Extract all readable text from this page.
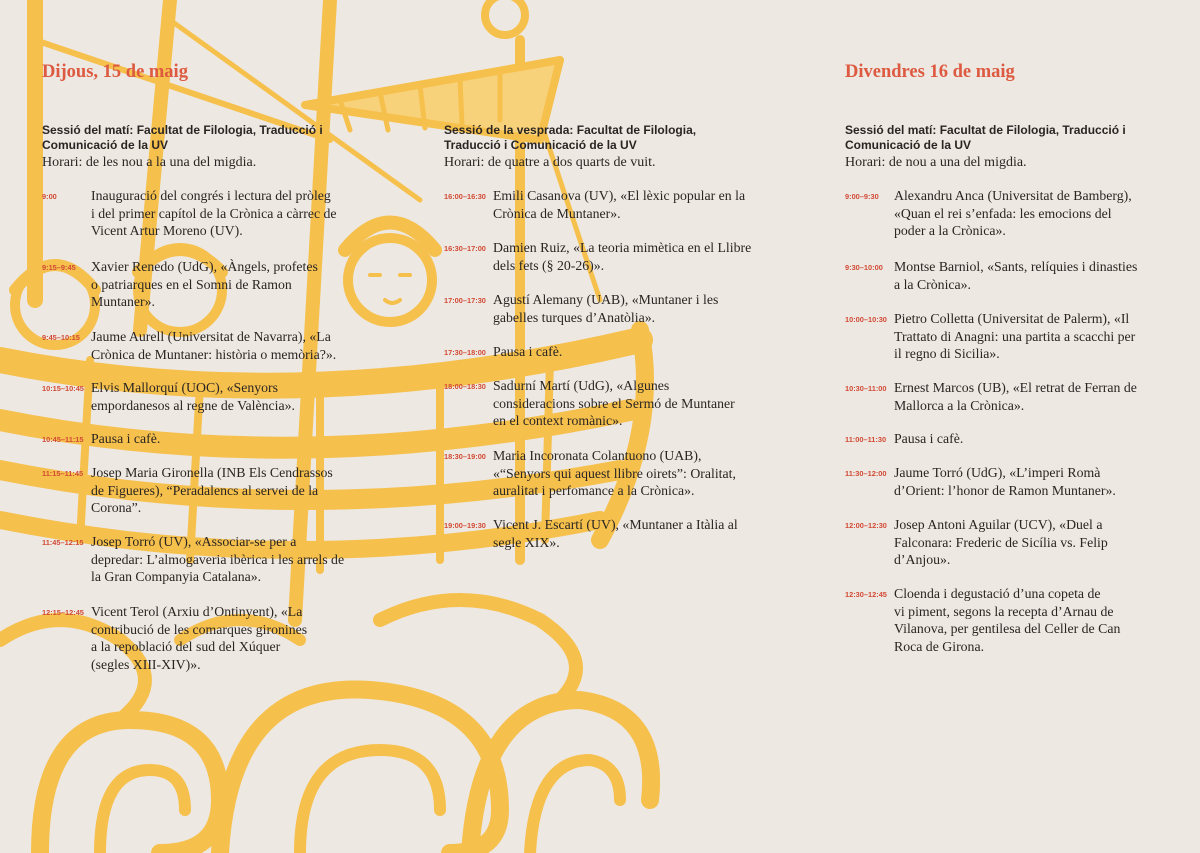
Dijous, 15 de maig
Sessió del matí: Facultat de Filologia, Traducció i
Comunicació de la UV
Horari: de les nou a la una del migdia.
9:00	Inauguració del congrés i lectura del pròleg
i del primer capítol de la Crònica a càrrec de
Vicent Artur Moreno (UV).
9:15–9:45	Xavier Renedo (UdG), «Àngels, profetes
o patriarques en el Somni de Ramon
Muntaner».
9:45–10:15 Jaume Aurell (Universitat de Navarra), «La
Crònica de Muntaner: història o memòria?».
10:15–10:45 Elvis Mallorquí (UOC), «Senyors
empordanesos al regne de València».
10:45–11:15 Pausa i cafè.
11:15–11:45 Josep Maria Gironella (INB Els Cendrassos
de Figueres), “Peradalencs al servei de la
Corona”.
11:45–12:15 Josep Torró (UV), «Associar-se per a
depredar: L’almogaveria ibèrica i les arrels de
la Gran Companyia Catalana».
12:15–12:45 Vicent Terol (Arxiu d’Ontinyent), «La
contribució de les comarques gironines
a la repoblació del sud del Xúquer
(segles XIII-XIV)».
Sessió de la vesprada: Facultat de Filologia,
Traducció i Comunicació de la UV
Horari: de quatre a dos quarts de vuit.
16:00–16:30 Emili Casanova (UV), «El lèxic popular en la
Crònica de Muntaner».
16:30–17:00 Damien Ruiz, «La teoria mimètica en el Llibre
dels fets (§ 20-26)».
17:00–17:30 Agustí Alemany (UAB), «Muntaner i les
gabelles turques d’Anatòlia».
17:30–18:00 Pausa i cafè.
18:00–18:30 Sadurní Martí (UdG), «Algunes
consideracions sobre el Sermó de Muntaner
en el context romànic».
18:30–19:00 Maria Incoronata Colantuono (UAB),
«“Senyors qui aquest llibre oirets”: Oralitat,
auralitat i perfomance a la Crònica».
19:00–19:30 Vicent J. Escartí (UV), «Muntaner a Itàlia al
segle XIX».
Divendres 16 de maig
Sessió del matí: Facultat de Filologia, Traducció i
Comunicació de la UV
Horari: de nou a una del migdia.
9:00–9:30	Alexandru Anca (Universitat de Bamberg),
«Quan el rei s’enfada: les emocions del
poder a la Crònica».
9:30–10:00 Montse Barniol, «Sants, relíquies i dinasties
a la Crònica».
10:00–10:30 Pietro Colletta (Universitat de Palerm), «Il
Trattato di Anagni: una partita a scacchi per
il regno di Sicilia».
10:30–11:00 Ernest Marcos (UB), «El retrat de Ferran de
Mallorca a la Crònica».
11:00–11:30 Pausa i cafè.
11:30–12:00 Jaume Torró (UdG), «L’imperi Romà
d’Orient: l’honor de Ramon Muntaner».
12:00–12:30 Josep Antoni Aguilar (UCV), «Duel a
Falconara: Frederic de Sicília vs. Felip
d’Anjou».
12:30–12:45 Cloenda i degustació d’una copeta de
vi piment, segons la recepta d’Arnau de
Vilanova, per gentilesa del Celler de Can
Roca de Girona.
